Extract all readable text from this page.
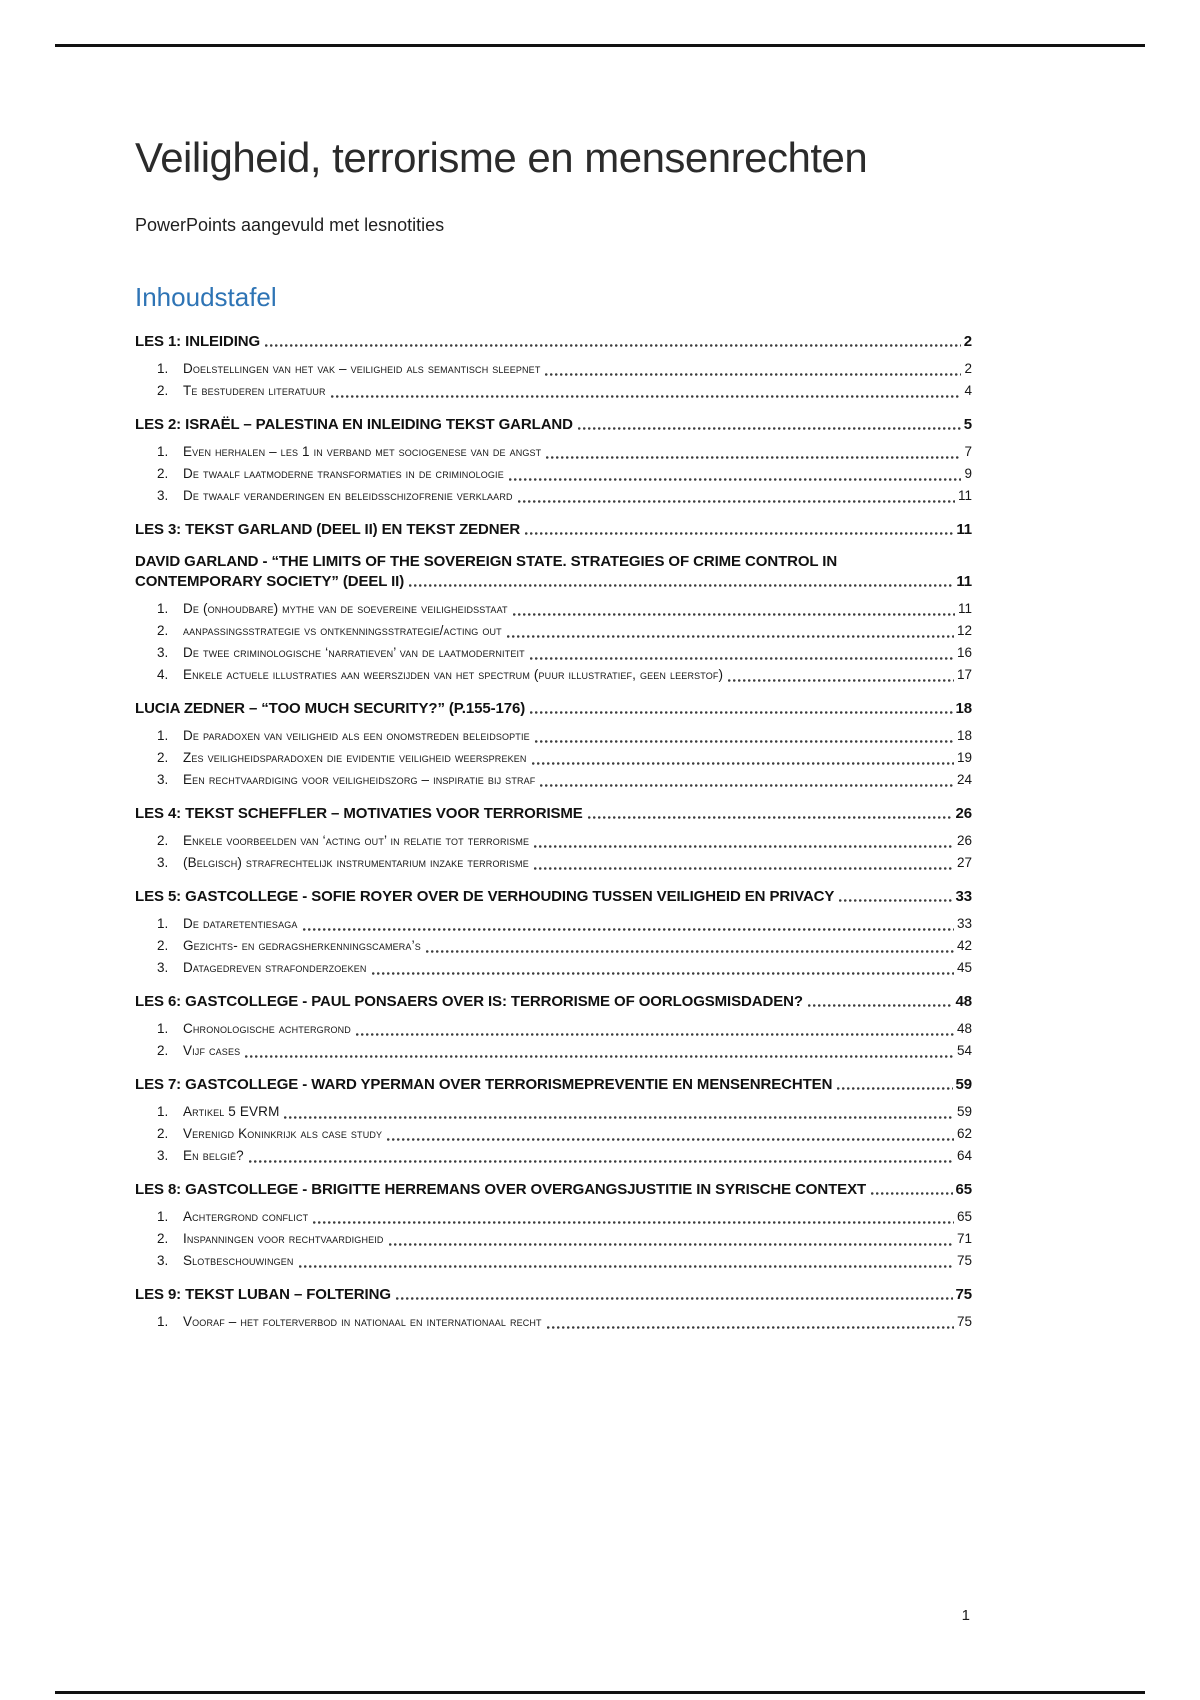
Veiligheid, terrorisme en mensenrechten

PowerPoints aangevuld met lesnotities

Inhoudstafel
LES 1: INLEIDING	2
1.	Doelstellingen van het vak – veiligheid als semantisch sleepnet	2
2.	Te bestuderen literatuur	4
LES 2: ISRAËL – PALESTINA EN INLEIDING TEKST GARLAND	5
1.	Even herhalen – les 1 in verband met sociogenese van de angst	7
2.	De twaalf laatmoderne transformaties in de criminologie	9
3.	De twaalf veranderingen en beleidsschizofrenie verklaard	11
LES 3: TEKST GARLAND (DEEL II) EN TEKST ZEDNER	11
DAVID GARLAND - “THE LIMITS OF THE SOVEREIGN STATE. STRATEGIES OF CRIME CONTROL IN
CONTEMPORARY SOCIETY” (DEEL II)	11
1.	De (onhoudbare) mythe van de soevereine veiligheidsstaat	11
2.	aanpassingsstrategie vs ontkenningsstrategie/acting out	12
3.	De twee criminologische ‘narratieven’ van de laatmoderniteit	16
4.	Enkele actuele illustraties aan weerszijden van het spectrum (puur illustratief, geen leerstof)	17
LUCIA ZEDNER – “TOO MUCH SECURITY?” (P.155-176)	18
1.	De paradoxen van veiligheid als een onomstreden beleidsoptie	18
2.	Zes veiligheidsparadoxen die evidentie veiligheid weerspreken	19
3.	Een rechtvaardiging voor veiligheidszorg – inspiratie bij straf	24
LES 4: TEKST SCHEFFLER – MOTIVATIES VOOR TERRORISME	26
2.	Enkele voorbeelden van ‘acting out’ in relatie tot terrorisme	26
3.	(Belgisch) strafrechtelijk instrumentarium inzake terrorisme	27
LES 5: GASTCOLLEGE - SOFIE ROYER OVER DE VERHOUDING TUSSEN VEILIGHEID EN PRIVACY	33
1.	De dataretentiesaga	33
2.	Gezichts- en gedragsherkenningscamera’s	42
3.	Datagedreven strafonderzoeken	45
LES 6: GASTCOLLEGE - PAUL PONSAERS OVER IS: TERRORISME OF OORLOGSMISDADEN?	48
1.	Chronologische achtergrond	48
2.	Vijf cases	54
LES 7: GASTCOLLEGE - WARD YPERMAN OVER TERRORISMEPREVENTIE EN MENSENRECHTEN	59
1.	Artikel 5 EVRM	59
2.	Verenigd Koninkrijk als case study	62
3.	En belgië?	64
LES 8: GASTCOLLEGE - BRIGITTE HERREMANS OVER OVERGANGSJUSTITIE IN SYRISCHE CONTEXT	65
1.	Achtergrond conflict	65
2.	Inspanningen voor rechtvaardigheid	71
3.	Slotbeschouwingen	75
LES 9: TEKST LUBAN – FOLTERING	75
1.	Vooraf – het folterverbod in nationaal en internationaal recht	75
1
